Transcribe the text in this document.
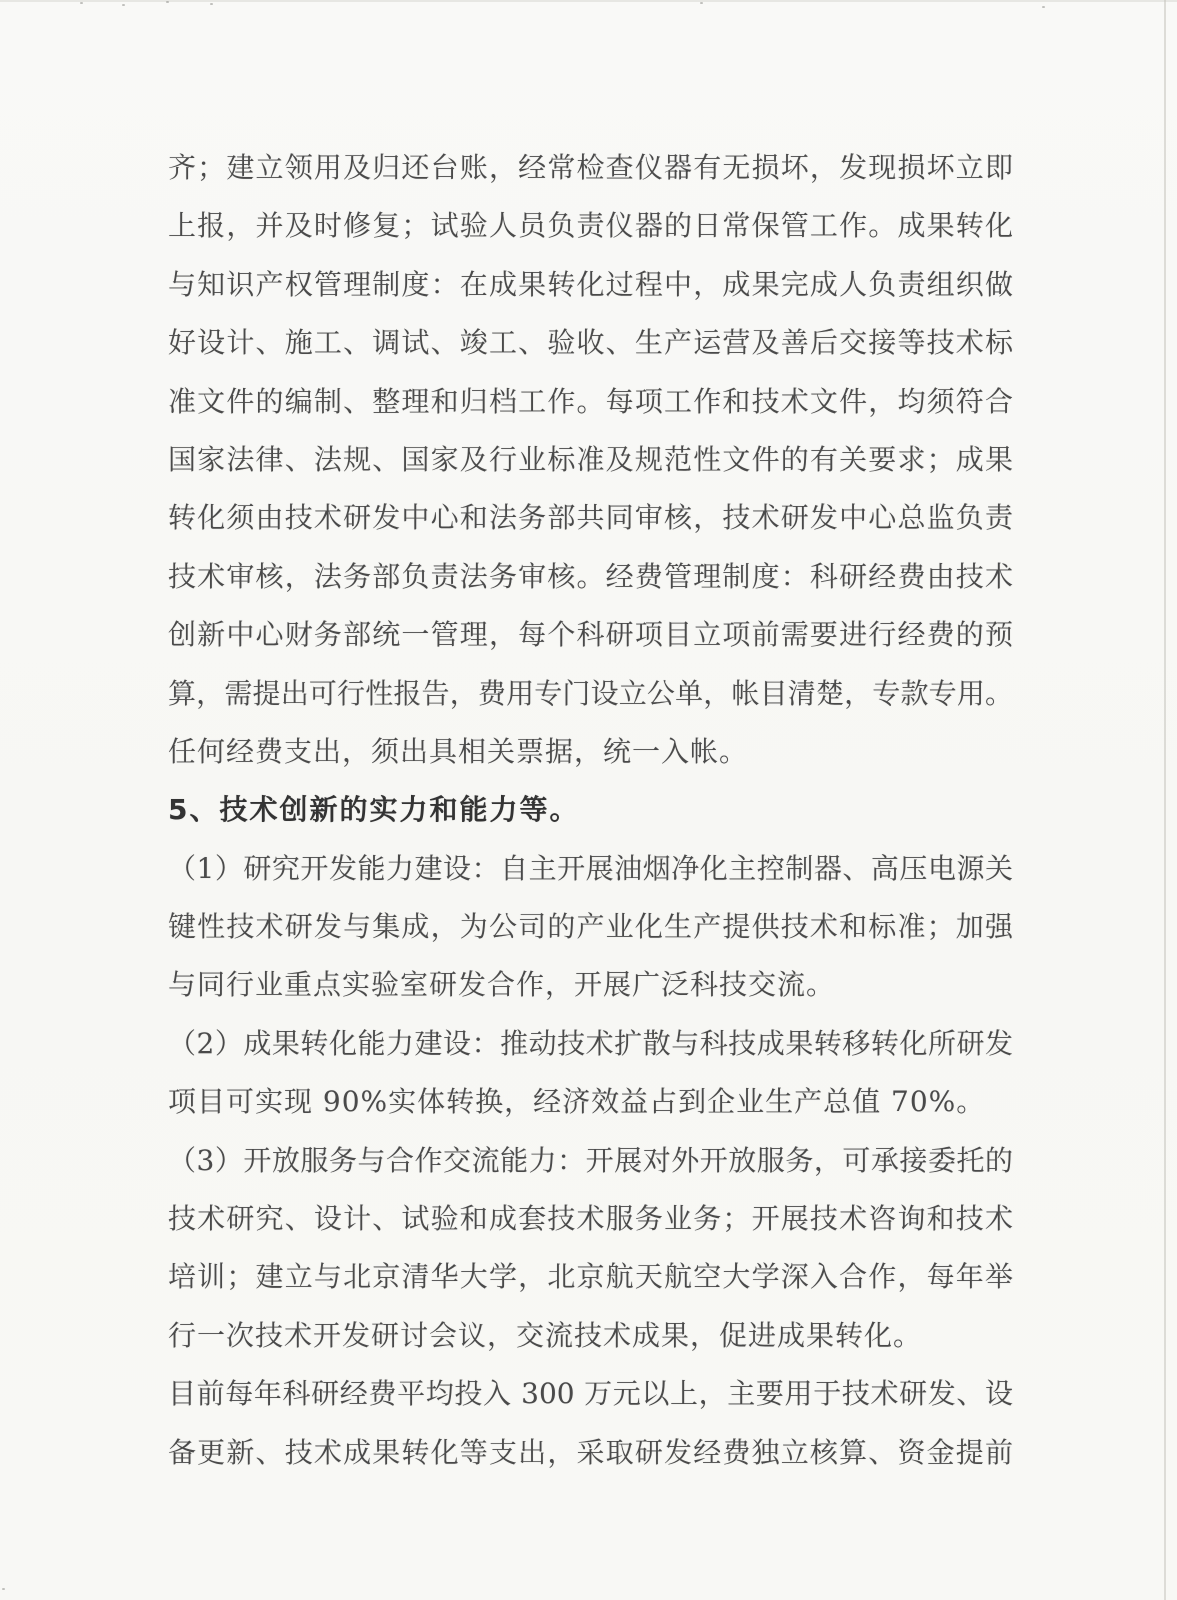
齐；建立领用及归还台账，经常检查仪器有无损坏，发现损坏立即
上报，并及时修复；试验人员负责仪器的日常保管工作。成果转化
与知识产权管理制度：在成果转化过程中，成果完成人负责组织做
好设计、施工、调试、竣工、验收、生产运营及善后交接等技术标
准文件的编制、整理和归档工作。每项工作和技术文件，均须符合
国家法律、法规、国家及行业标准及规范性文件的有关要求；成果
转化须由技术研发中心和法务部共同审核，技术研发中心总监负责
技术审核，法务部负责法务审核。经费管理制度：科研经费由技术
创新中心财务部统一管理，每个科研项目立项前需要进行经费的预
算，需提出可行性报告，费用专门设立公单，帐目清楚，专款专用。
任何经费支出，须出具相关票据，统一入帐。
5、技术创新的实力和能力等。
（1）研究开发能力建设：自主开展油烟净化主控制器、高压电源关
键性技术研发与集成，为公司的产业化生产提供技术和标准；加强
与同行业重点实验室研发合作，开展广泛科技交流。
（2）成果转化能力建设：推动技术扩散与科技成果转移转化所研发
项目可实现 90%实体转换，经济效益占到企业生产总值 70%。
（3）开放服务与合作交流能力：开展对外开放服务，可承接委托的
技术研究、设计、试验和成套技术服务业务；开展技术咨询和技术
培训；建立与北京清华大学，北京航天航空大学深入合作，每年举
行一次技术开发研讨会议，交流技术成果，促进成果转化。
目前每年科研经费平均投入 300 万元以上，主要用于技术研发、设
备更新、技术成果转化等支出，采取研发经费独立核算、资金提前
